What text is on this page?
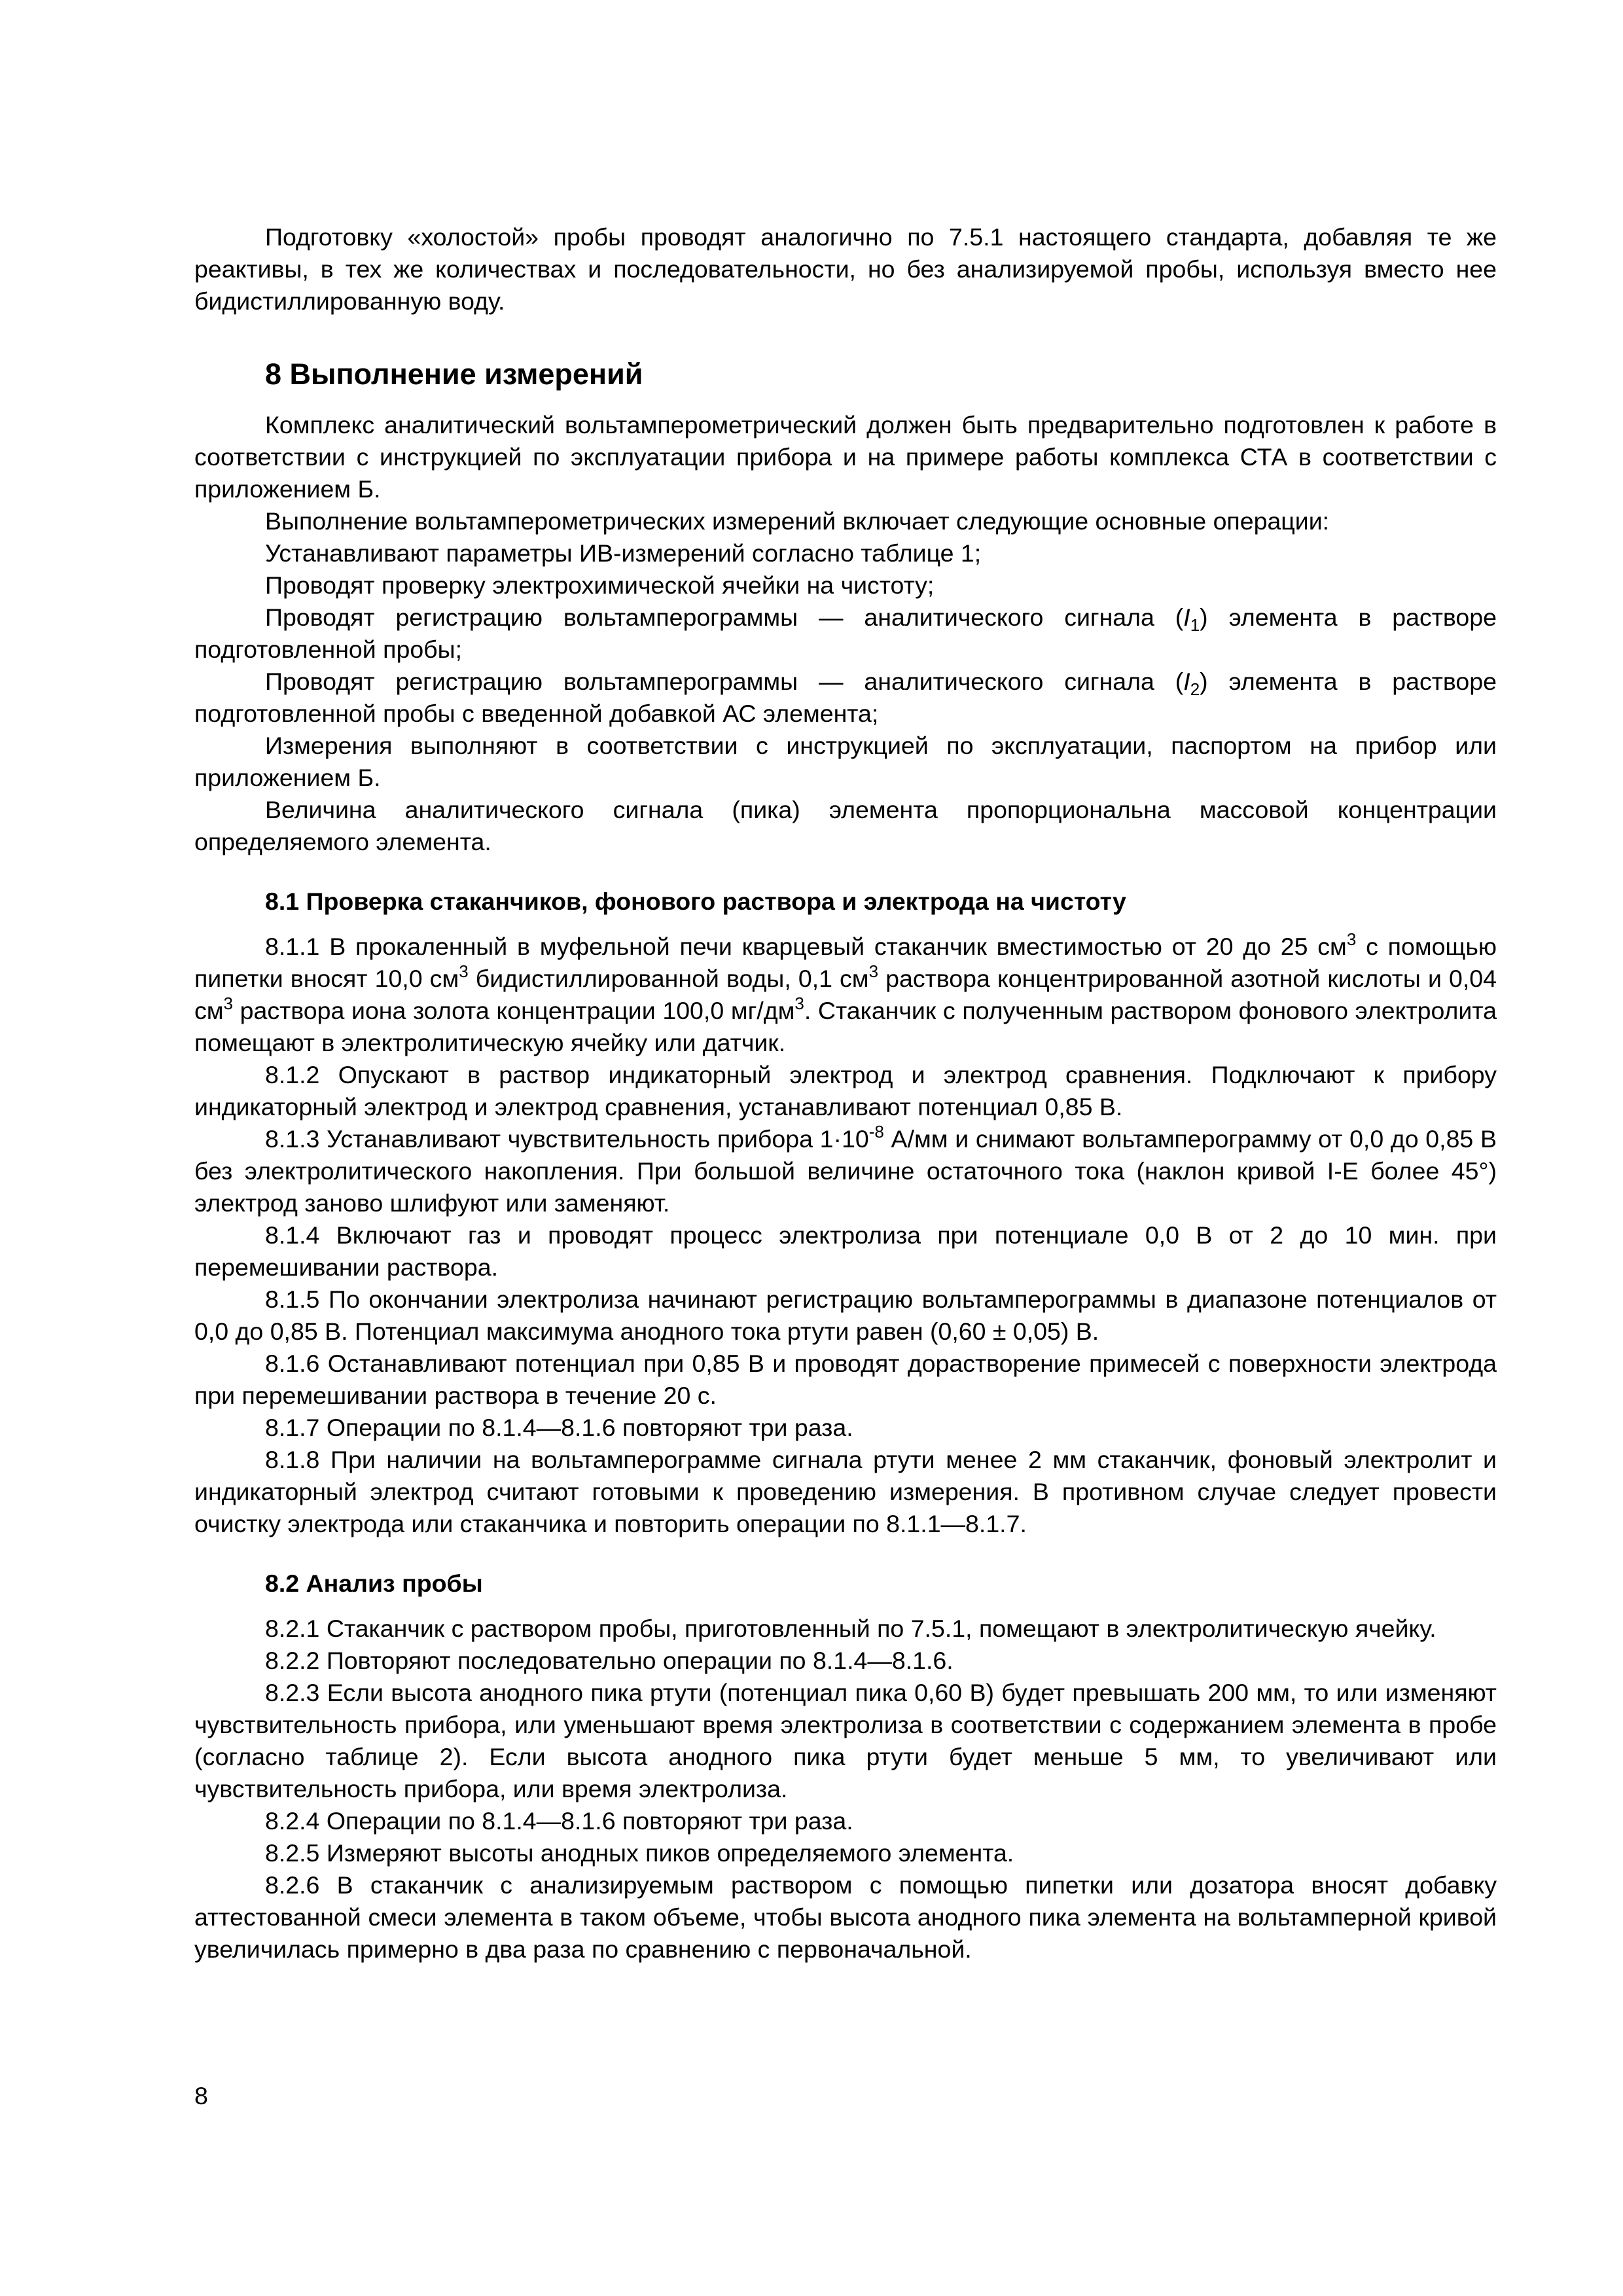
Подготовку «холостой» пробы проводят аналогично по 7.5.1 настоящего стандарта, добавляя те же реактивы, в тех же количествах и последовательности, но без анализируемой пробы, используя вместо нее бидистиллированную воду.

8 Выполнение измерений

Комплекс аналитический вольтамперометрический должен быть предварительно подготовлен к работе в соответствии с инструкцией по эксплуатации прибора и на примере работы комплекса СТА в соответствии с приложением Б.

Выполнение вольтамперометрических измерений включает следующие основные операции:

Устанавливают параметры ИВ-измерений согласно таблице 1;

Проводят проверку электрохимической ячейки на чистоту;

Проводят регистрацию вольтамперограммы — аналитического сигнала $(I_1)$ элемента в растворе подготовленной пробы;

Проводят регистрацию вольтамперограммы — аналитического сигнала $(I_2)$ элемента в растворе подготовленной пробы с введенной добавкой АС элемента;

Измерения выполняют в соответствии с инструкцией по эксплуатации, паспортом на прибор или приложением Б.

Величина аналитического сигнала (пика) элемента пропорциональна массовой концентрации определяемого элемента.

8.1 Проверка стаканчиков, фонового раствора и электрода на чистоту

8.1.1 В прокаленный в муфельной печи кварцевый стаканчик вместимостью от 20 до 25 $см^3$ с помощью пипетки вносят 10,0 $см^3$ бидистиллированной воды, 0,1 $см^3$ раствора концентрированной азотной кислоты и 0,04 $см^3$ раствора иона золота концентрации 100,0 $мг/дм^3$. Стаканчик с полученным раствором фонового электролита помещают в электролитическую ячейку или датчик.

8.1.2 Опускают в раствор индикаторный электрод и электрод сравнения. Подключают к прибору индикаторный электрод и электрод сравнения, устанавливают потенциал 0,85 В.

8.1.3 Устанавливают чувствительность прибора $1\cdot 10^{-8}$ А/мм и снимают вольтамперограмму от 0,0 до 0,85 В без электролитического накопления. При большой величине остаточного тока (наклон кривой I-E более 45°) электрод заново шлифуют или заменяют.

8.1.4 Включают газ и проводят процесс электролиза при потенциале 0,0 В от 2 до 10 мин. при перемешивании раствора.

8.1.5 По окончании электролиза начинают регистрацию вольтамперограммы в диапазоне потенциалов от 0,0 до 0,85 В. Потенциал максимума анодного тока ртути равен (0,60 ± 0,05) В.

8.1.6 Останавливают потенциал при 0,85 В и проводят дорастворение примесей с поверхности электрода при перемешивании раствора в течение 20 с.

8.1.7 Операции по 8.1.4—8.1.6 повторяют три раза.

8.1.8 При наличии на вольтамперограмме сигнала ртути менее 2 мм стаканчик, фоновый электролит и индикаторный электрод считают готовыми к проведению измерения. В противном случае следует провести очистку электрода или стаканчика и повторить операции по 8.1.1—8.1.7.

8.2 Анализ пробы

8.2.1 Стаканчик с раствором пробы, приготовленный по 7.5.1, помещают в электролитическую ячейку.

8.2.2 Повторяют последовательно операции по 8.1.4—8.1.6.

8.2.3 Если высота анодного пика ртути (потенциал пика 0,60 В) будет превышать 200 мм, то или изменяют чувствительность прибора, или уменьшают время электролиза в соответствии с содержанием элемента в пробе (согласно таблице 2). Если высота анодного пика ртути будет меньше 5 мм, то увеличивают или чувствительность прибора, или время электролиза.

8.2.4 Операции по 8.1.4—8.1.6 повторяют три раза.

8.2.5 Измеряют высоты анодных пиков определяемого элемента.

8.2.6 В стаканчик с анализируемым раствором с помощью пипетки или дозатора вносят добавку аттестованной смеси элемента в таком объеме, чтобы высота анодного пика элемента на вольтамперной кривой увеличилась примерно в два раза по сравнению с первоначальной.

8
